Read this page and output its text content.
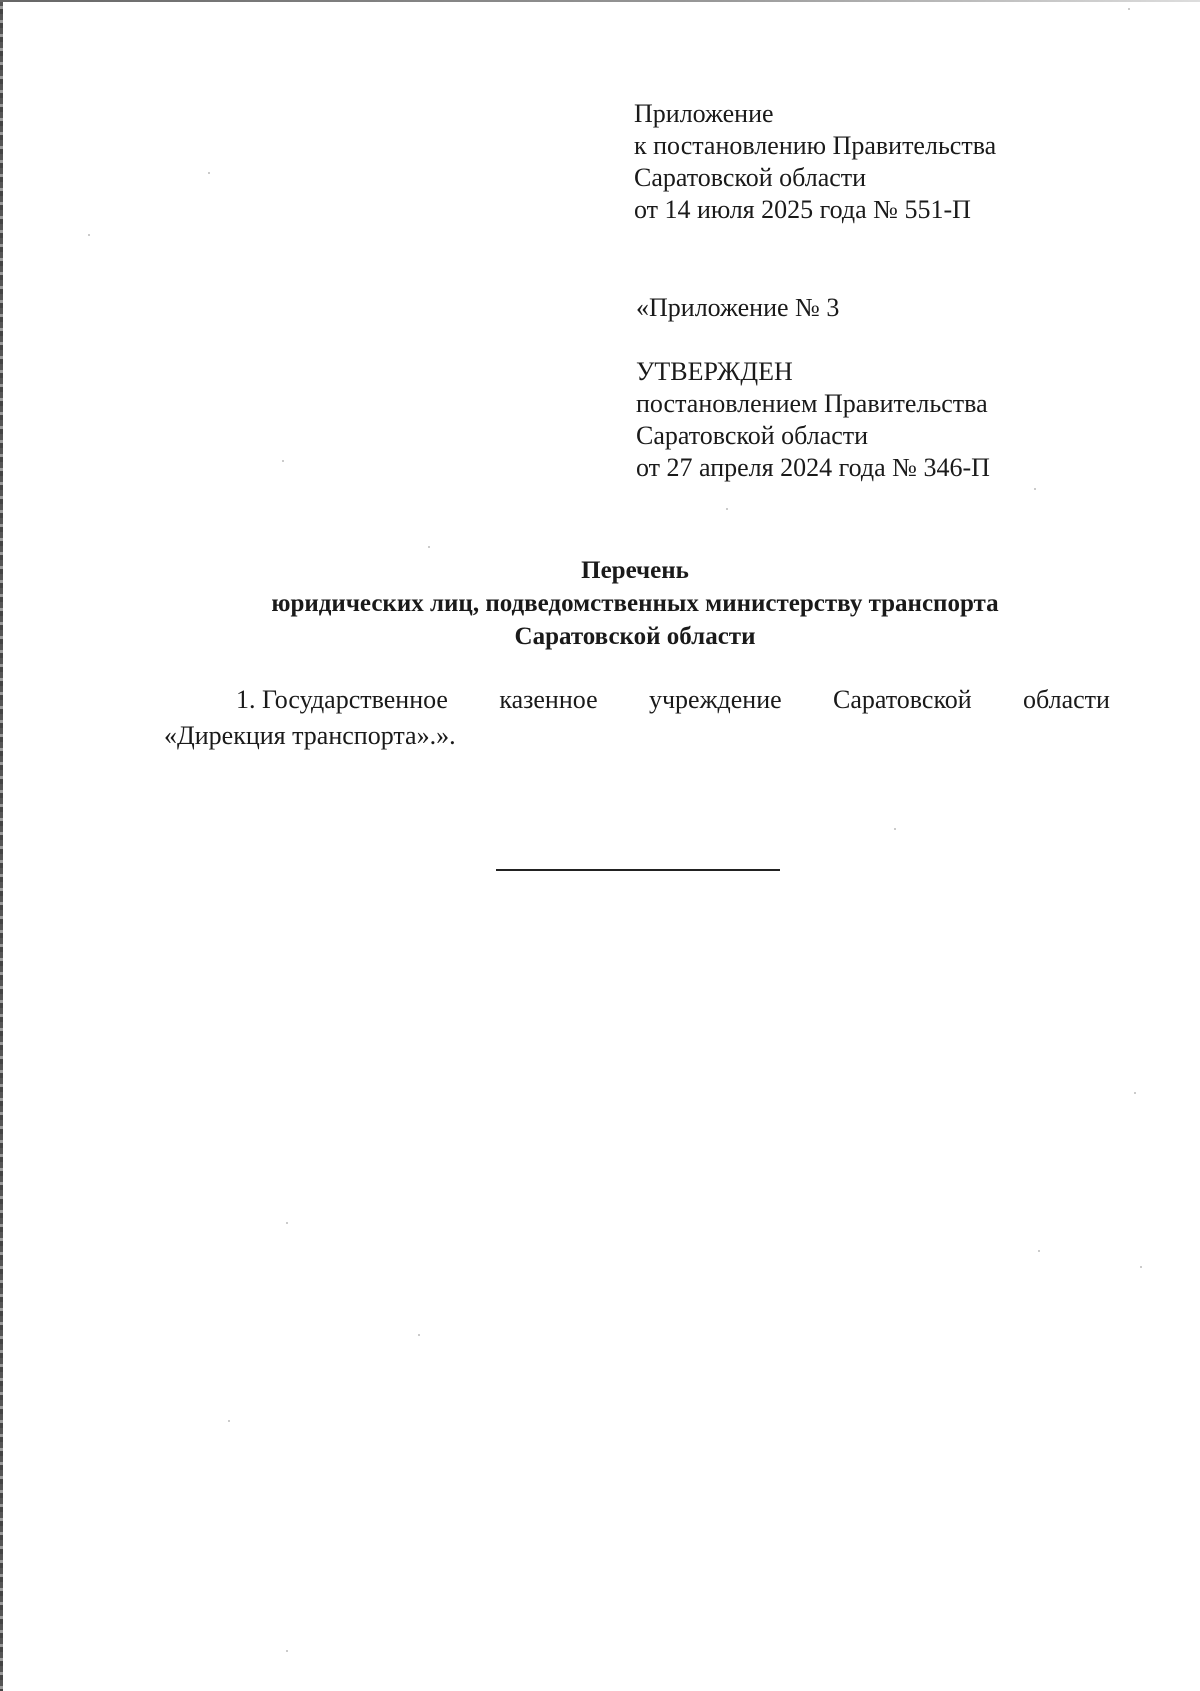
Приложение
к постановлению Правительства
Саратовской области
от 14 июля 2025 года № 551-П
«Приложение № 3
УТВЕРЖДЕН
постановлением Правительства
Саратовской области
от 27 апреля 2024 года № 346-П
Перечень
юридических лиц, подведомственных министерству транспорта
Саратовской области
1. Государственное казенное учреждение Саратовской области
«Дирекция транспорта».».
